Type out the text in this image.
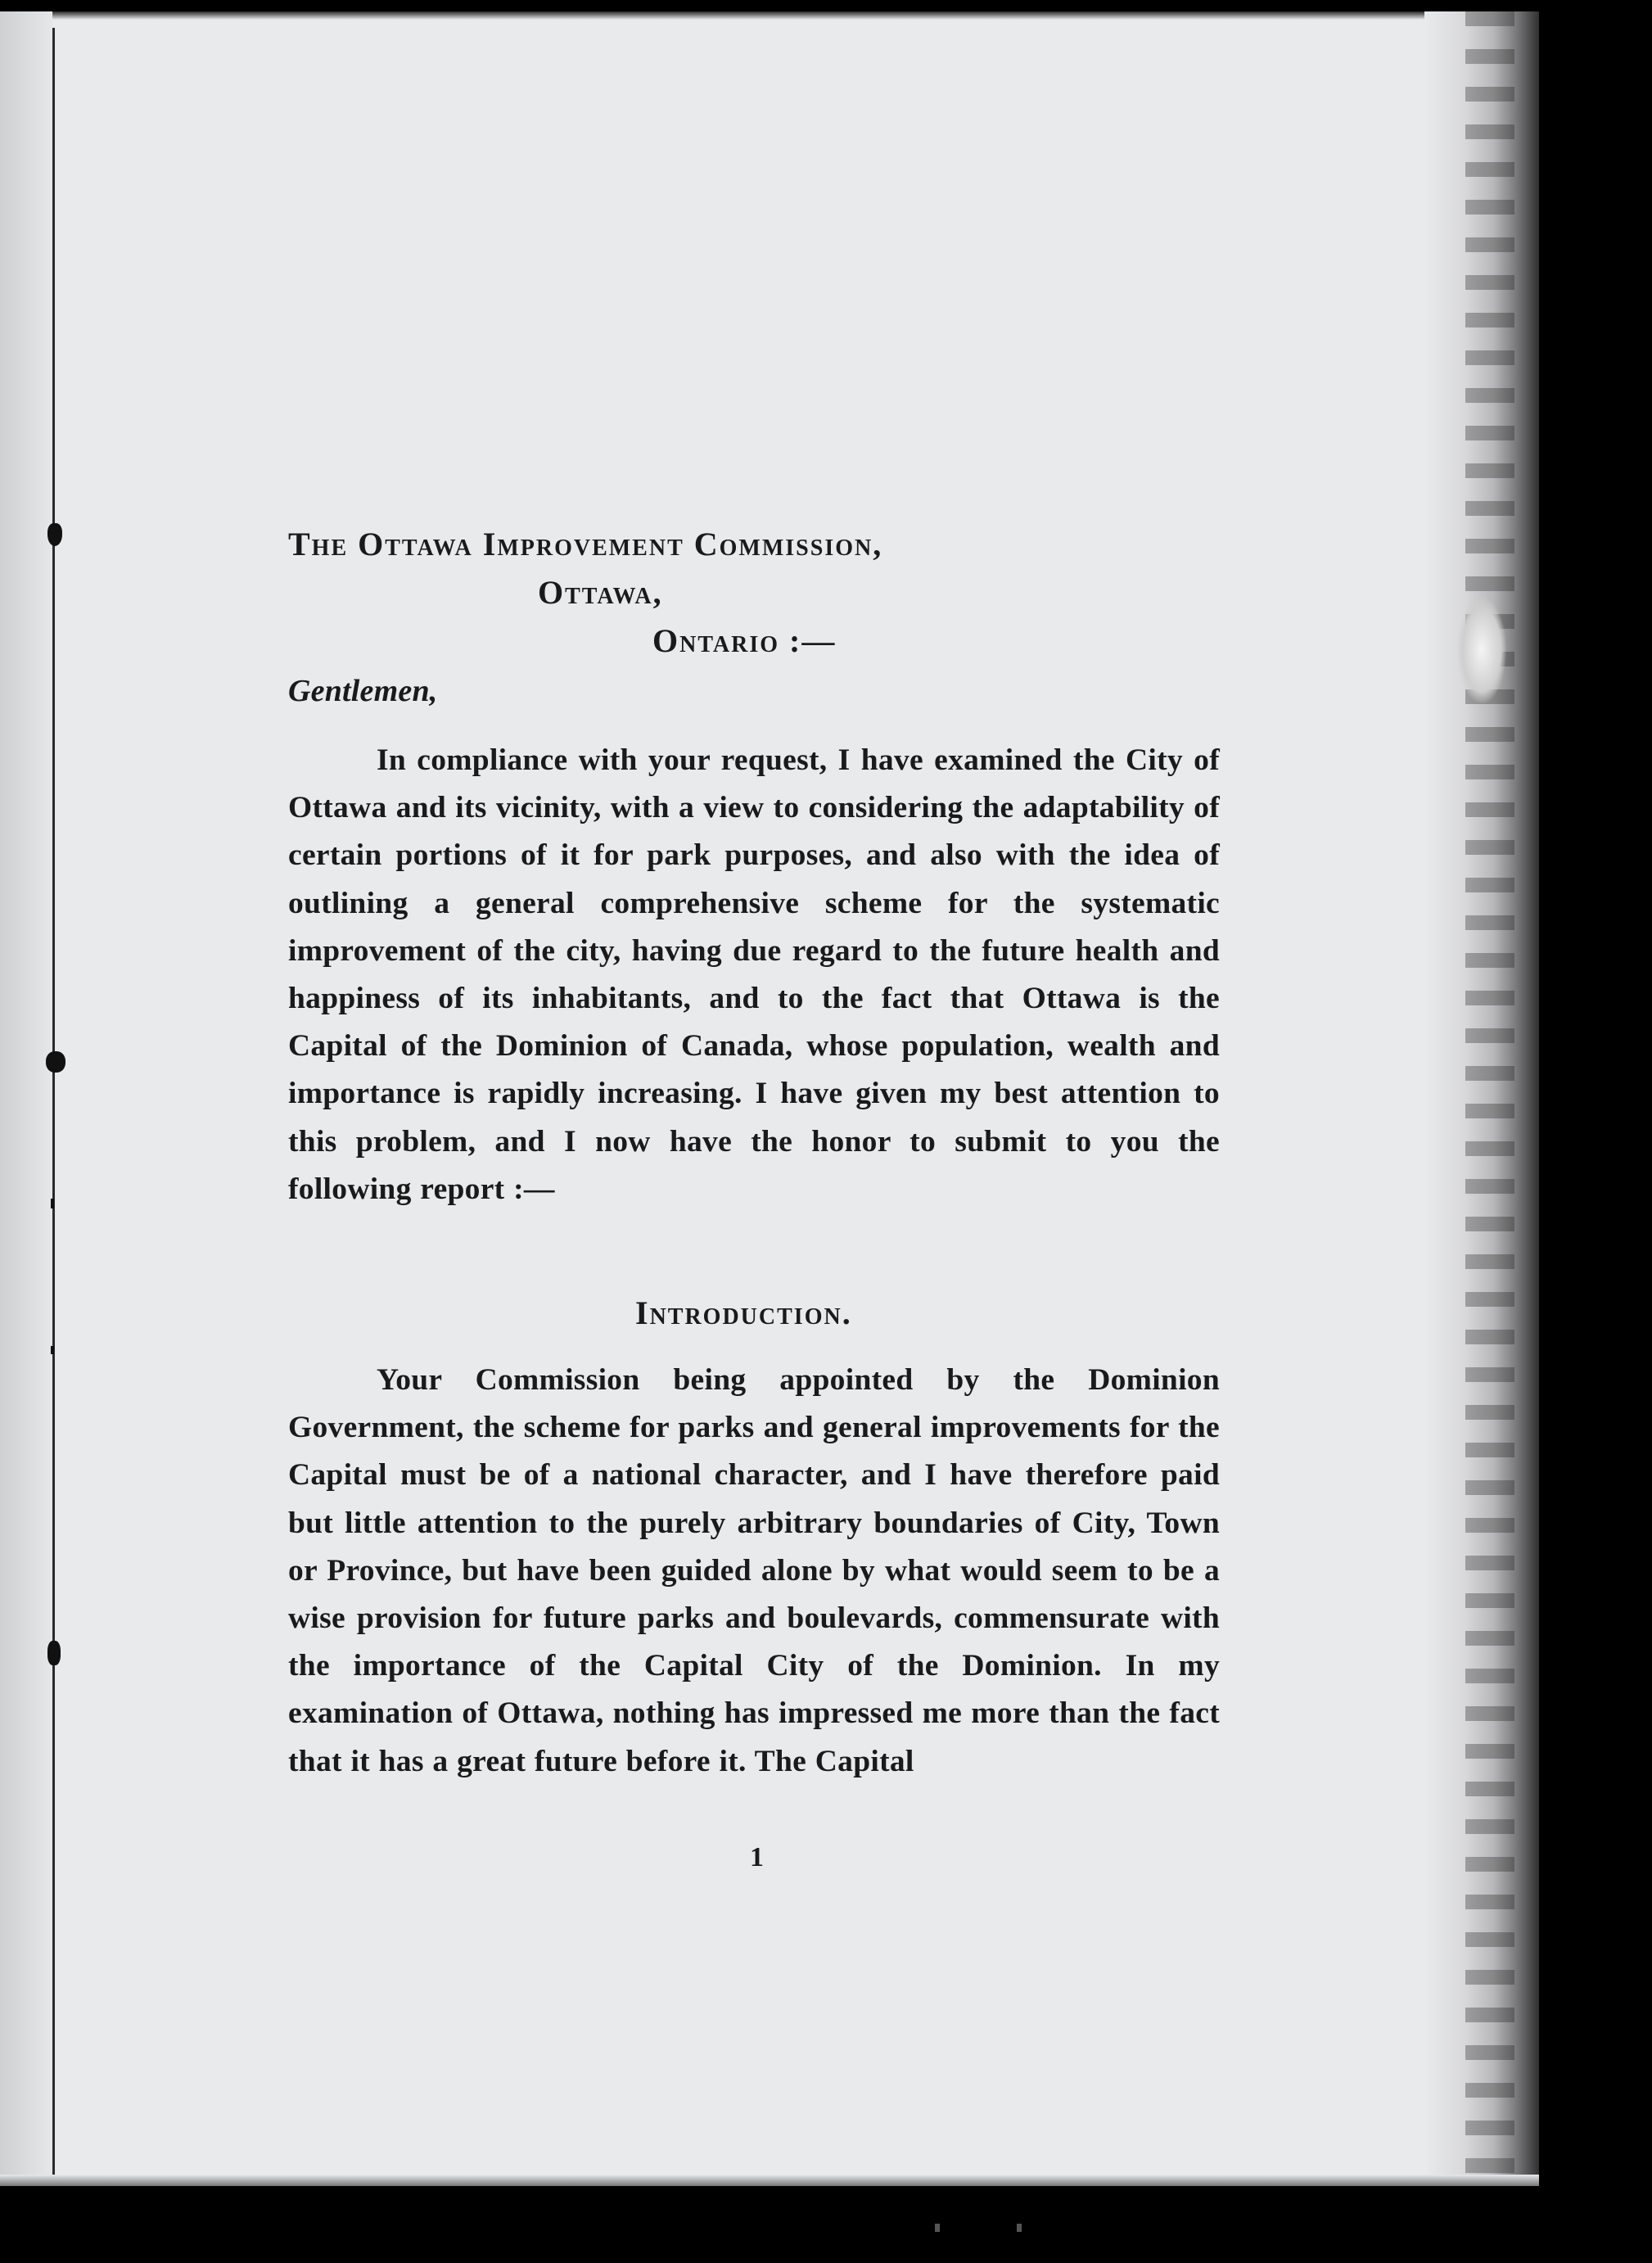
The Ottawa Improvement Commission,
Ottawa,
Ontario :—
Gentlemen,
In compliance with your request, I have examined the City of Ottawa and its vicinity, with a view to considering the adaptability of certain portions of it for park purposes, and also with the idea of outlining a general comprehensive scheme for the systematic improvement of the city, having due regard to the future health and happiness of its inhabitants, and to the fact that Ottawa is the Capital of the Dominion of Canada, whose population, wealth and importance is rapidly increasing. I have given my best attention to this problem, and I now have the honor to submit to you the following report :—
Introduction.
Your Commission being appointed by the Dominion Government, the scheme for parks and general improvements for the Capital must be of a national character, and I have therefore paid but little attention to the purely arbitrary boundaries of City, Town or Province, but have been guided alone by what would seem to be a wise provision for future parks and boulevards, commensurate with the importance of the Capital City of the Dominion. In my examination of Ottawa, nothing has impressed me more than the fact that it has a great future before it. The Capital
1
